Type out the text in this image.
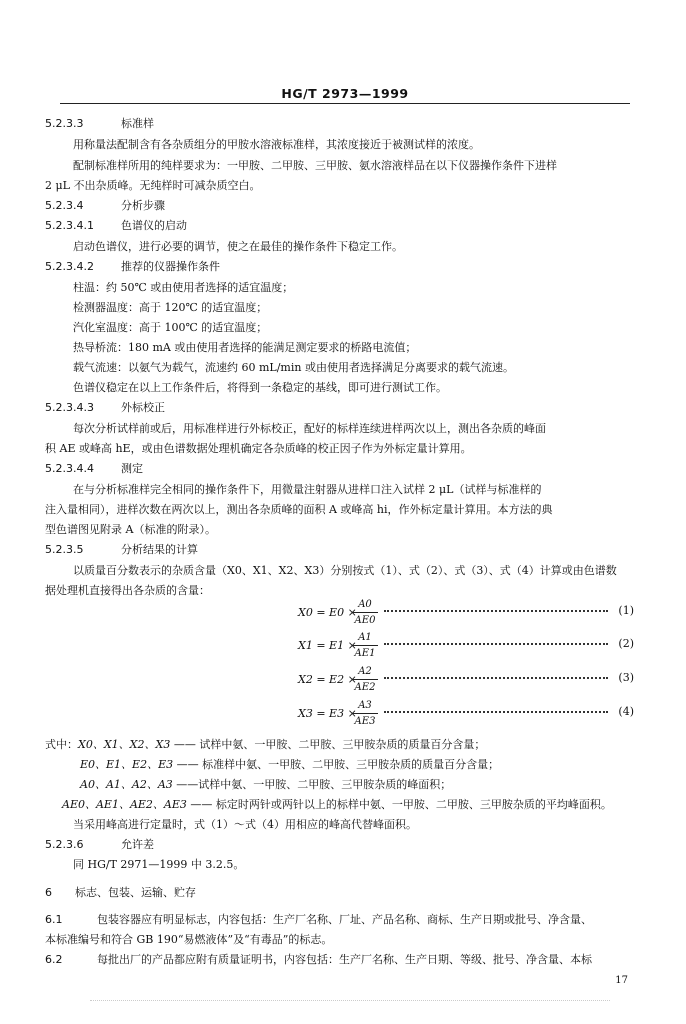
HG/T 2973—1999
5.2.3.3	标准样
用称量法配制含有各杂质组分的甲胺水溶液标准样，其浓度接近于被测试样的浓度。
配制标准样所用的纯样要求为：一甲胺、二甲胺、三甲胺、氨水溶液样品在以下仪器操作条件下进样
2 μL 不出杂质峰。无纯样时可减杂质空白。
5.2.3.4	分析步骤
5.2.3.4.1 色谱仪的启动
启动色谱仪，进行必要的调节，使之在最佳的操作条件下稳定工作。
5.2.3.4.2 推荐的仪器操作条件
柱温：约 50℃ 或由使用者选择的适宜温度；
检测器温度：高于 120℃ 的适宜温度；
汽化室温度：高于 100℃ 的适宜温度；
热导桥流：180 mA 或由使用者选择的能满足测定要求的桥路电流值；
载气流速：以氨气为载气，流速约 60 mL/min 或由使用者选择满足分离要求的载气流速。
色谱仪稳定在以上工作条件后，将得到一条稳定的基线，即可进行测试工作。
5.2.3.4.3 外标校正
每次分析试样前或后，用标准样进行外标校正，配好的标样连续进样两次以上，测出各杂质的峰面
积 AE 或峰高 hE，或由色谱数据处理机确定各杂质峰的校正因子作为外标定量计算用。
5.2.3.4.4 测定
在与分析标准样完全相同的操作条件下，用微量注射器从进样口注入试样 2 μL（试样与标准样的
注入量相同），进样次数在两次以上，测出各杂质峰的面积 A 或峰高 hi，作外标定量计算用。本方法的典
型色谱图见附录 A（标准的附录）。
5.2.3.5	分析结果的计算
以质量百分数表示的杂质含量（X0、X1、X2、X3）分别按式（1）、式（2）、式（3）、式（4）计算或由色谱数
据处理机直接得出各杂质的含量：
X0 = E0 ×
A0
AE0
(1)
X1 = E1 ×
A1
AE1
(2)
X2 = E2 ×
A2
AE2
(3)
X3 = E3 ×
A3
AE3
(4)
式中：X0、X1、X2、X3 —— 试样中氨、一甲胺、二甲胺、三甲胺杂质的质量百分含量；
E0、E1、E2、E3 —— 标准样中氨、一甲胺、二甲胺、三甲胺杂质的质量百分含量；
A0、A1、A2、A3 ——试样中氨、一甲胺、二甲胺、三甲胺杂质的峰面积；
AE0、AE1、AE2、AE3 —— 标定时两针或两针以上的标样中氨、一甲胺、二甲胺、三甲胺杂质的平均峰面积。
当采用峰高进行定量时，式（1）～式（4）用相应的峰高代替峰面积。
5.2.3.6	允许差
同 HG/T 2971—1999 中 3.2.5。
6 标志、包装、运输、贮存
6.1	包装容器应有明显标志，内容包括：生产厂名称、厂址、产品名称、商标、生产日期或批号、净含量、
本标准编号和符合 GB 190“易燃液体”及“有毒品”的标志。
6.2	每批出厂的产品都应附有质量证明书，内容包括：生产厂名称、生产日期、等级、批号、净含量、本标
17
